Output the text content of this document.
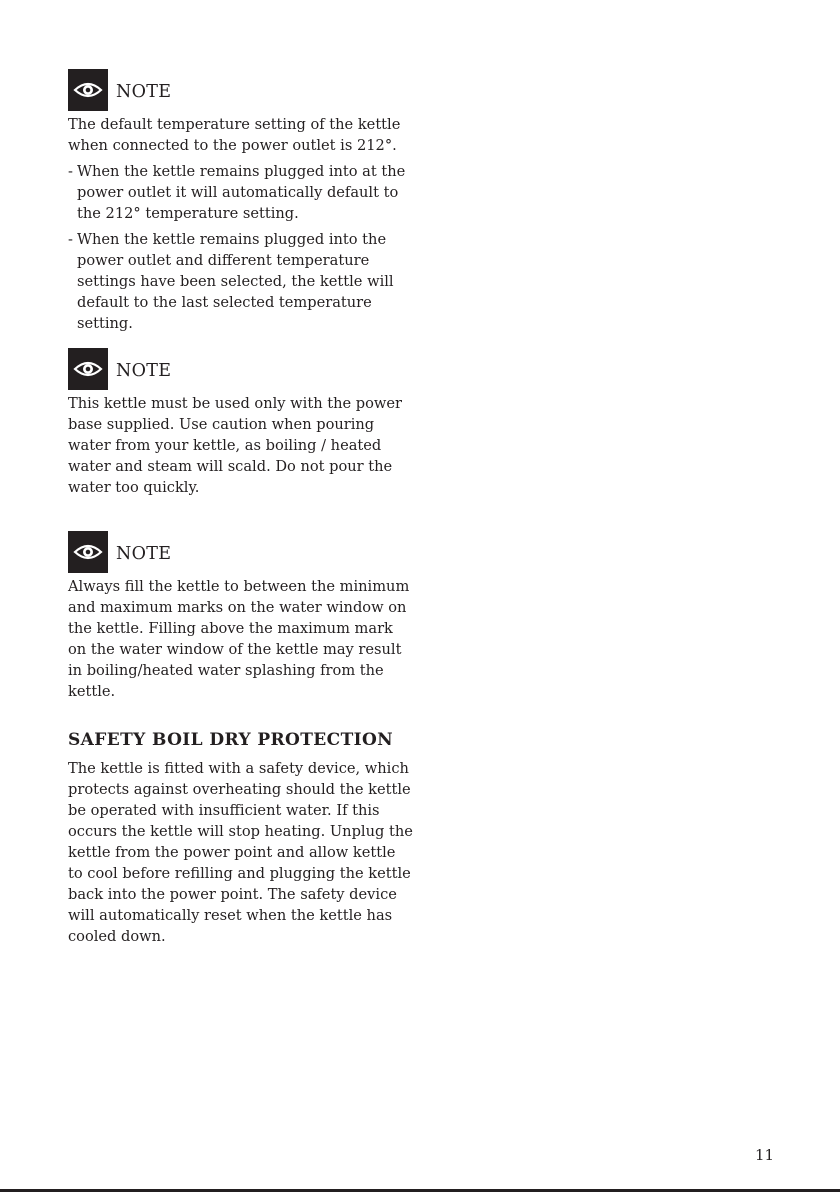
NOTE

The default temperature setting of the kettle when connected to the power outlet is 212°.

- When the kettle remains plugged into at the power outlet it will automatically default to the 212° temperature setting.
- When the kettle remains plugged into the power outlet and different temperature settings have been selected, the kettle will default to the last selected temperature setting.
NOTE

This kettle must be used only with the power base supplied. Use caution when pouring water from your kettle, as boiling / heated water and steam will scald. Do not pour the water too quickly.

NOTE

Always fill the kettle to between the minimum and maximum marks on the water window on the kettle. Filling above the maximum mark on the water window of the kettle may result in boiling/heated water splashing from the kettle.

SAFETY BOIL DRY PROTECTION

The kettle is fitted with a safety device, which protects against overheating should the kettle be operated with insufficient water. If this occurs the kettle will stop heating. Unplug the kettle from the power point and allow kettle to cool before refilling and plugging the kettle back into the power point. The safety device will automatically reset when the kettle has cooled down.

11
